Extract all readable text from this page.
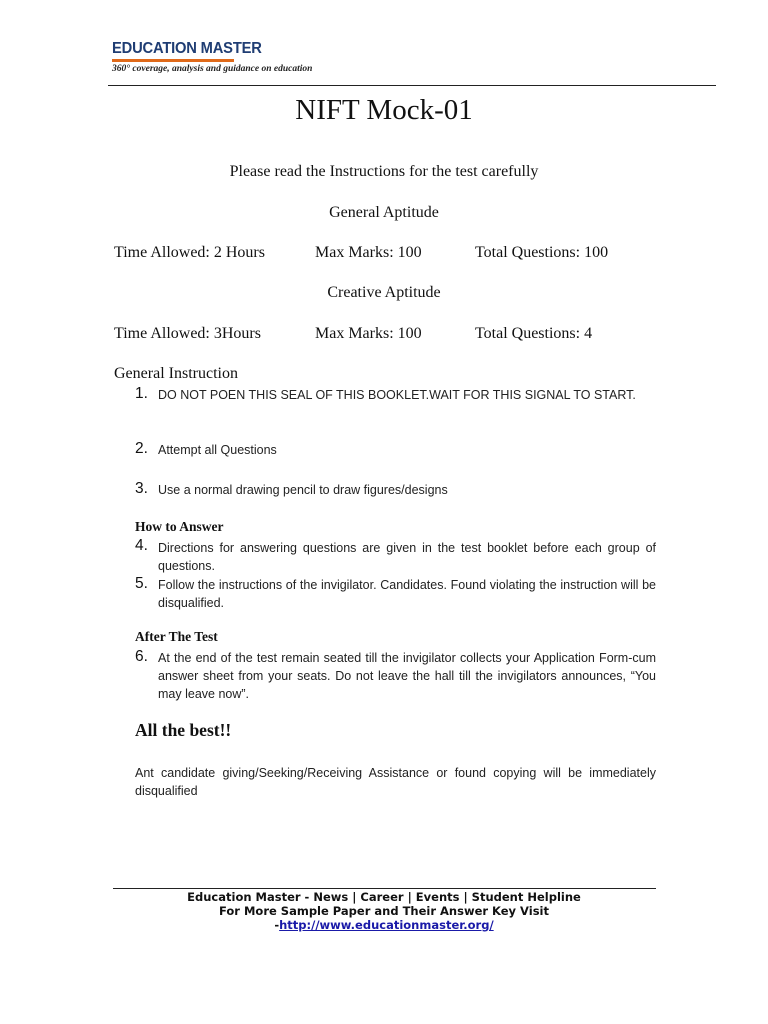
EDUCATION MASTER
360° coverage, analysis and guidance on education
NIFT Mock-01
Please read the Instructions for the test carefully
General Aptitude
Time Allowed: 2 Hours	Max Marks: 100	Total Questions: 100
Creative Aptitude
Time Allowed: 3Hours	Max Marks: 100	Total Questions: 4
General Instruction
1. DO NOT POEN THIS SEAL OF THIS BOOKLET.WAIT FOR THIS SIGNAL TO START.
2. Attempt all Questions
3. Use a normal drawing pencil to draw figures/designs
How to Answer
4. Directions for answering questions are given in the test booklet before each group of questions.
5. Follow the instructions of the invigilator. Candidates. Found violating the instruction will be disqualified.
After The Test
6. At the end of the test remain seated till the invigilator collects your Application Form-cum answer sheet from your seats. Do not leave the hall till the invigilators announces, “You may leave now”.
All the best!!
Ant candidate giving/Seeking/Receiving Assistance or found copying will be immediately disqualified
Education Master - News | Career | Events | Student Helpline
For More Sample Paper and Their Answer Key Visit
-http://www.educationmaster.org/
